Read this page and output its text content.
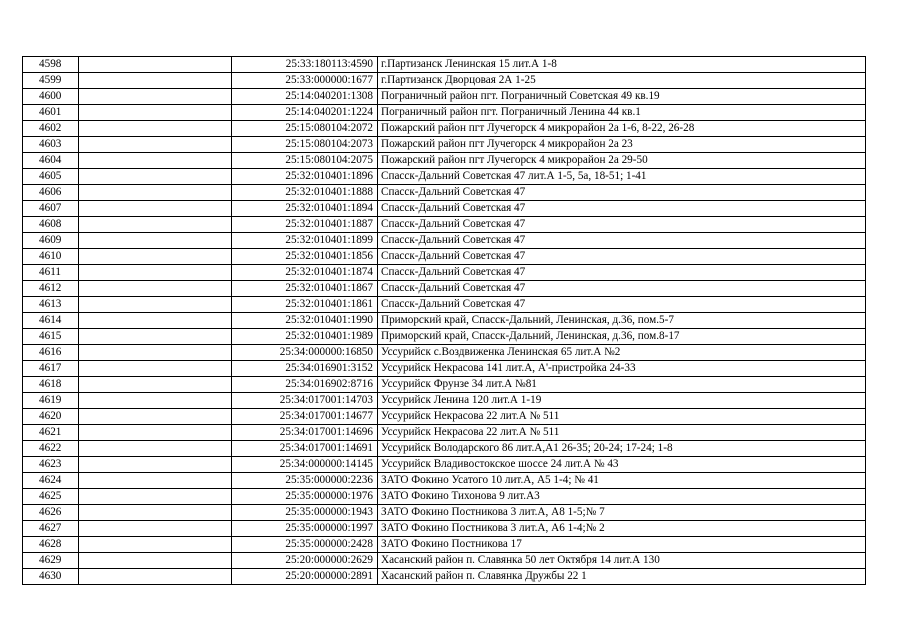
4598		25:33:180113:4590	г.Партизанск Ленинская 15 лит.А 1-8
4599		25:33:000000:1677	г.Партизанск Дворцовая 2А 1-25
4600		25:14:040201:1308	Пограничный район пгт. Пограничный Советская 49 кв.19
4601		25:14:040201:1224	Пограничный район пгт. Пограничный Ленина 44 кв.1
4602		25:15:080104:2072	Пожарский район пгт Лучегорск 4 микрорайон 2а 1-6, 8-22, 26-28
4603		25:15:080104:2073	Пожарский район пгт Лучегорск 4 микрорайон 2а 23
4604		25:15:080104:2075	Пожарский район пгт Лучегорск 4 микрорайон 2а 29-50
4605		25:32:010401:1896	Спасск-Дальний Советская 47 лит.А 1-5, 5а, 18-51; 1-41
4606		25:32:010401:1888	Спасск-Дальний Советская 47
4607		25:32:010401:1894	Спасск-Дальний Советская 47
4608		25:32:010401:1887	Спасск-Дальний Советская 47
4609		25:32:010401:1899	Спасск-Дальний Советская 47
4610		25:32:010401:1856	Спасск-Дальний Советская 47
4611		25:32:010401:1874	Спасск-Дальний Советская 47
4612		25:32:010401:1867	Спасск-Дальний Советская 47
4613		25:32:010401:1861	Спасск-Дальний Советская 47
4614		25:32:010401:1990	Приморский край, Спасск-Дальний, Ленинская, д.36, пом.5-7
4615		25:32:010401:1989	Приморский край, Спасск-Дальний, Ленинская, д.36, пом.8-17
4616		25:34:000000:16850	Уссурийск с.Воздвиженка Ленинская 65 лит.А №2
4617		25:34:016901:3152	Уссурийск Некрасова 141 лит.А, А'-пристройка 24-33
4618		25:34:016902:8716	Уссурийск Фрунзе 34 лит.А №81
4619		25:34:017001:14703	Уссурийск Ленина 120 лит.А 1-19
4620		25:34:017001:14677	Уссурийск Некрасова 22 лит.А № 511
4621		25:34:017001:14696	Уссурийск Некрасова 22 лит.А № 511
4622		25:34:017001:14691	Уссурийск Володарского 86 лит.А,А1 26-35; 20-24; 17-24; 1-8
4623		25:34:000000:14145	Уссурийск Владивостокское шоссе 24 лит.А № 43
4624		25:35:000000:2236	ЗАТО Фокино Усатого 10 лит.А, А5 1-4; № 41
4625		25:35:000000:1976	ЗАТО Фокино Тихонова 9 лит.А3
4626		25:35:000000:1943	ЗАТО Фокино Постникова 3 лит.А, А8 1-5;№ 7
4627		25:35:000000:1997	ЗАТО Фокино Постникова 3 лит.А, А6 1-4;№ 2
4628		25:35:000000:2428	ЗАТО Фокино Постникова 17
4629		25:20:000000:2629	Хасанский район п. Славянка 50 лет Октября 14 лит.А 130
4630		25:20:000000:2891	Хасанский район п. Славянка Дружбы 22 1
